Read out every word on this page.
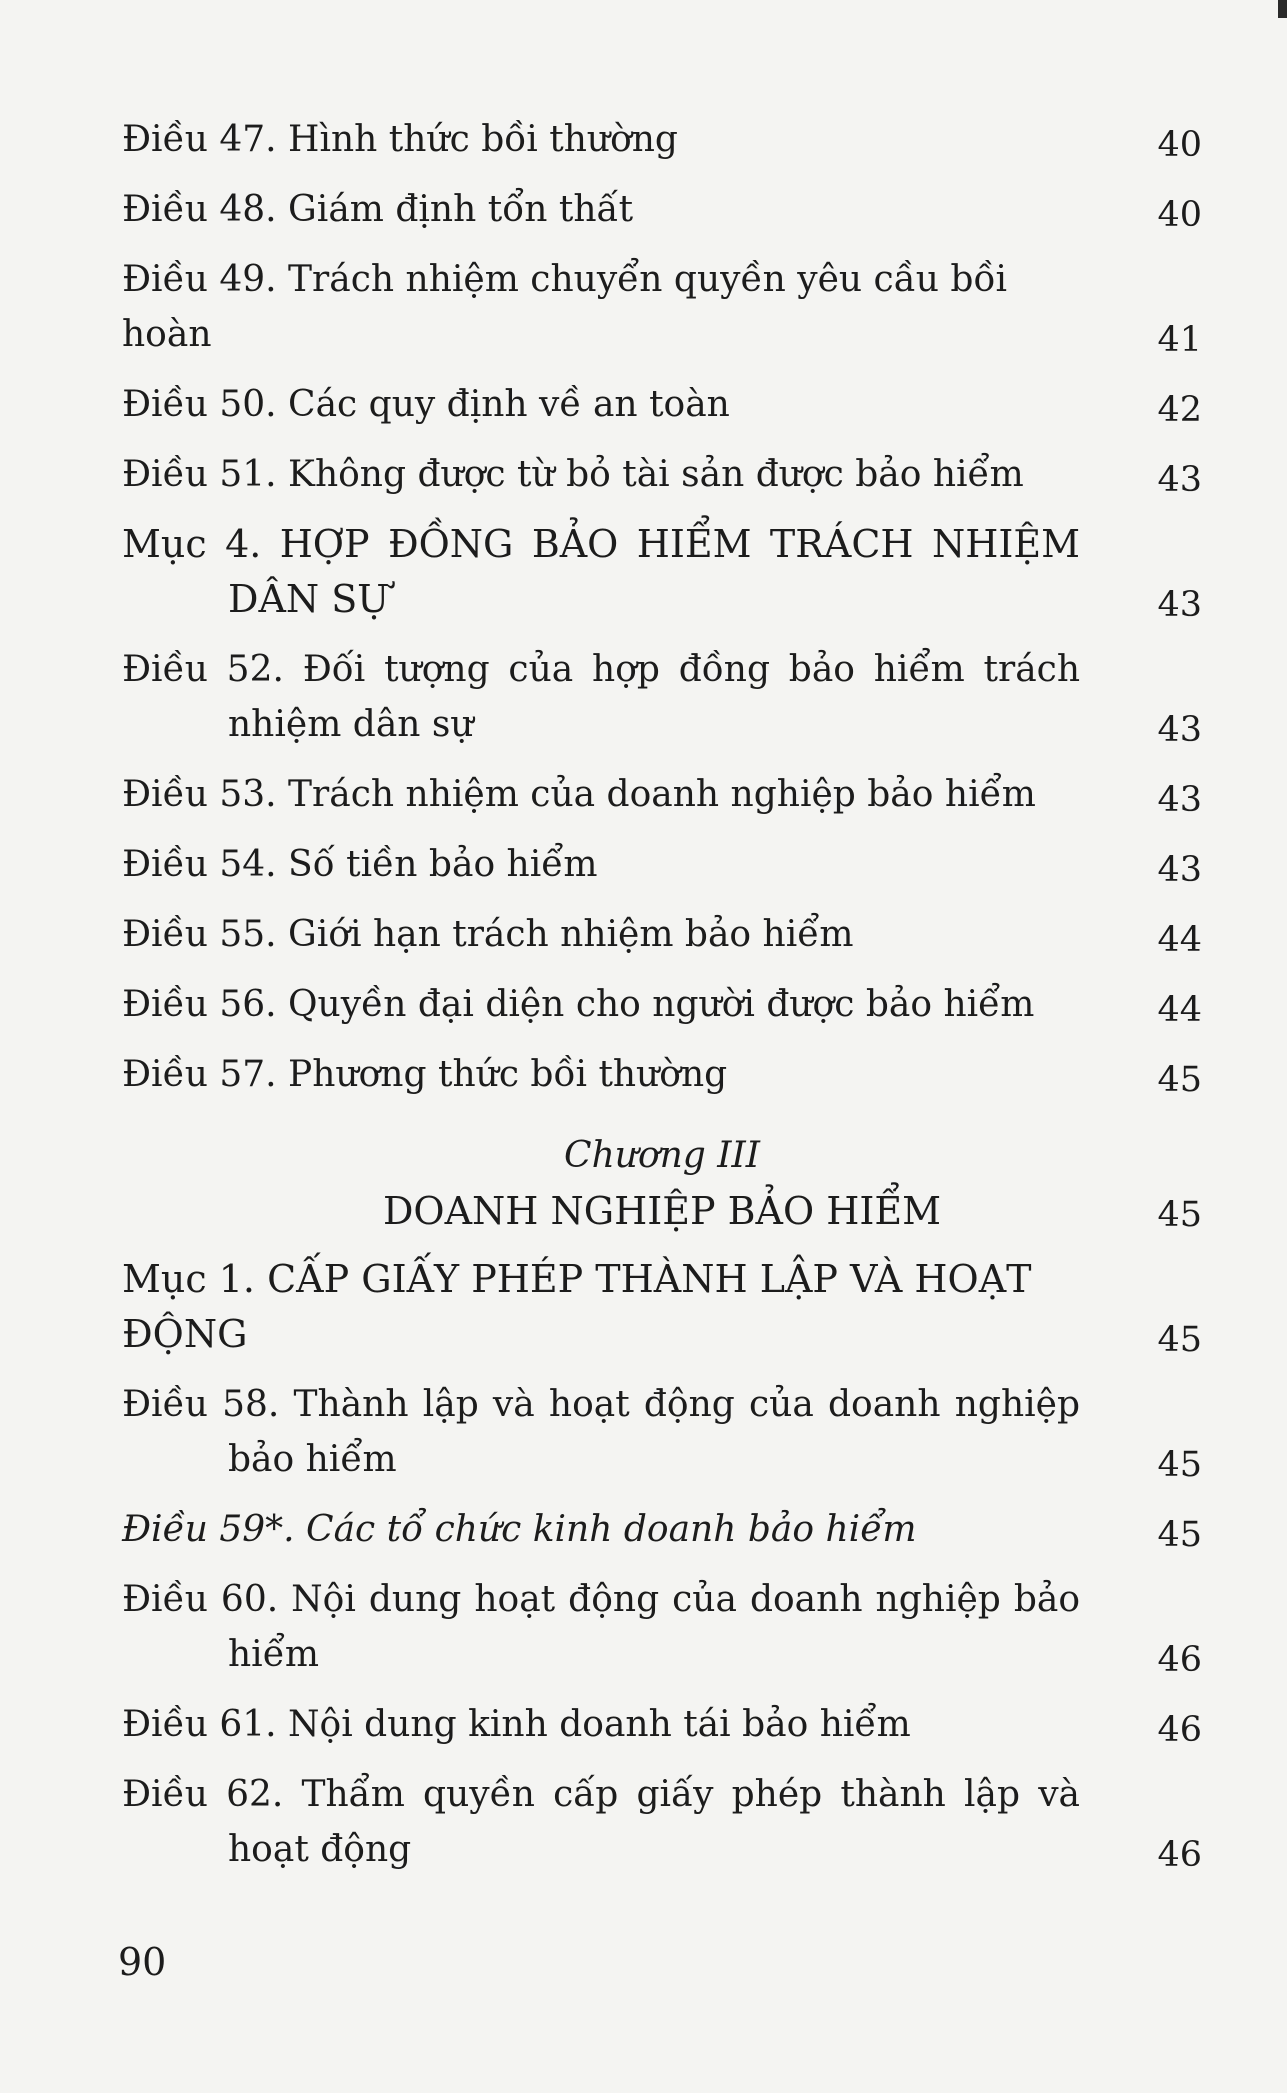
Điều 47. Hình thức bồi thường	40
Điều 48. Giám định tổn thất	40
Điều 49. Trách nhiệm chuyển quyền yêu cầu bồi hoàn	41
Điều 50. Các quy định về an toàn	42
Điều 51. Không được từ bỏ tài sản được bảo hiểm	43
Mục 4. HỢP ĐỒNG BẢO HIỂM TRÁCH NHIỆM
DÂN SỰ	43
Điều 52. Đối tượng của hợp đồng bảo hiểm trách
nhiệm dân sự	43
Điều 53. Trách nhiệm của doanh nghiệp bảo hiểm	43
Điều 54. Số tiền bảo hiểm	43
Điều 55. Giới hạn trách nhiệm bảo hiểm	44
Điều 56. Quyền đại diện cho người được bảo hiểm	44
Điều 57. Phương thức bồi thường	45
Chương III
DOANH NGHIỆP BẢO HIỂM	45
Mục 1. CẤP GIẤY PHÉP THÀNH LẬP VÀ HOẠT ĐỘNG	45
Điều 58. Thành lập và hoạt động của doanh nghiệp
bảo hiểm	45
Điều 59*. Các tổ chức kinh doanh bảo hiểm	45
Điều 60. Nội dung hoạt động của doanh nghiệp bảo
hiểm	46
Điều 61. Nội dung kinh doanh tái bảo hiểm	46
Điều 62. Thẩm quyền cấp giấy phép thành lập và
hoạt động	46
90
